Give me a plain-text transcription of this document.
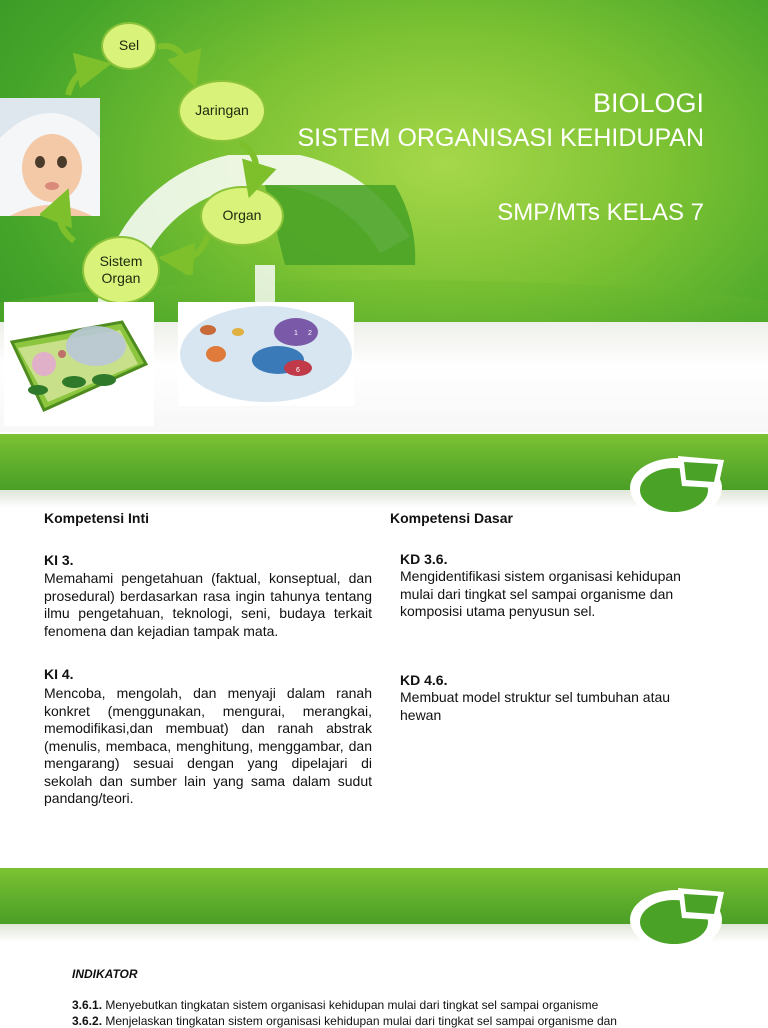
Sel
Jaringan
Organ
Sistem
Organ
BIOLOGI
SISTEM ORGANISASI KEHIDUPAN
SMP/MTs KELAS 7
1 2
6
Kompetensi Inti	Kompetensi Dasar
KI 3.
Memahami pengetahuan (faktual, konseptual, dan prosedural) berdasarkan rasa ingin tahunya tentang ilmu pengetahuan, teknologi, seni, budaya terkait fenomena dan kejadian tampak mata.
KI 4.
Mencoba, mengolah, dan menyaji dalam ranah konkret (menggunakan, mengurai, merangkai, memodifikasi,dan membuat) dan ranah abstrak (menulis, membaca, menghitung, menggambar, dan mengarang) sesuai dengan yang dipelajari di sekolah dan sumber lain yang sama dalam sudut pandang/teori.
KD 3.6.
Mengidentifikasi sistem organisasi kehidupan mulai dari tingkat sel sampai organisme dan komposisi utama penyusun sel.
KD 4.6.
Membuat model struktur sel tumbuhan atau hewan
INDIKATOR
3.6.1. Menyebutkan tingkatan sistem organisasi kehidupan mulai dari tingkat sel sampai organisme
3.6.2. Menjelaskan tingkatan sistem organisasi kehidupan mulai dari tingkat sel sampai organisme dan
